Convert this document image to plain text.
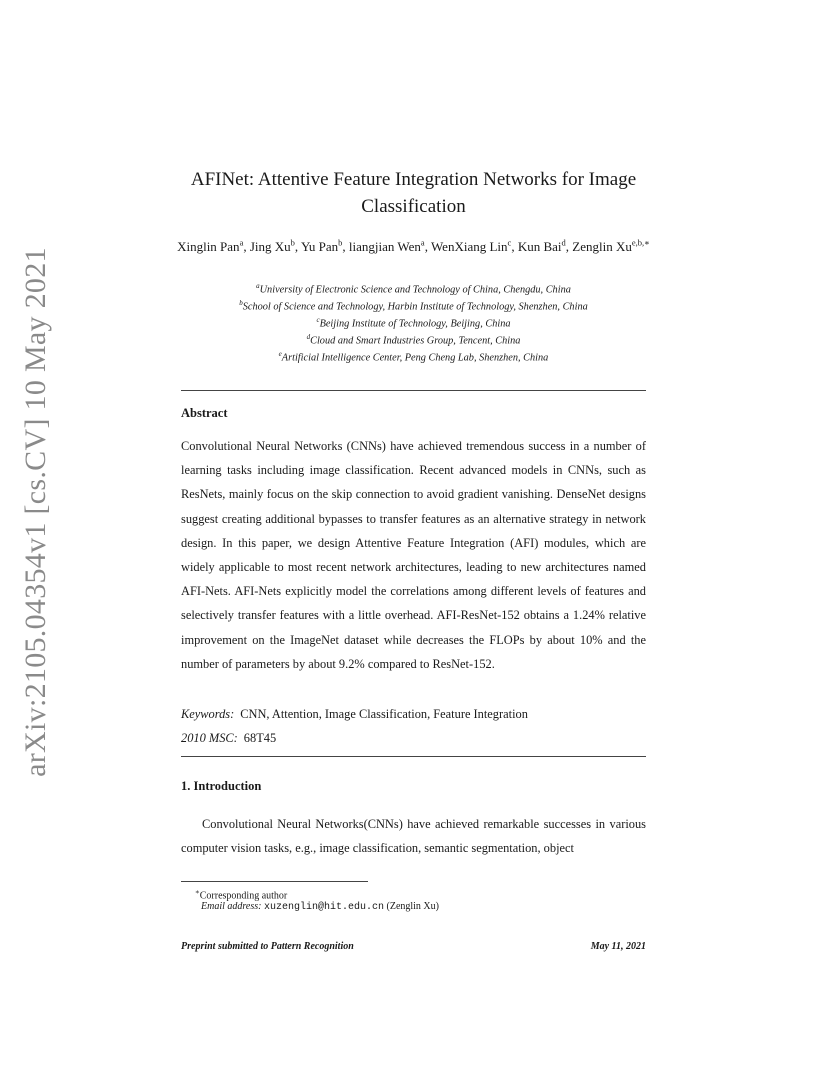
arXiv:2105.04354v1 [cs.CV] 10 May 2021
AFINet: Attentive Feature Integration Networks for Image Classification
Xinglin Pan$^a$, Jing Xu$^b$, Yu Pan$^b$, liangjian Wen$^a$, WenXiang Lin$^c$, Kun Bai$^d$, Zenglin $Xu^{e,b,∗}$
$^a$University of Electronic Science and Technology of China, Chengdu, China
$^b$School of Science and Technology, Harbin Institute of Technology, Shenzhen, China
$^c$Beijing Institute of Technology, Beijing, China
$^d$Cloud and Smart Industries Group, Tencent, China
$^e$Artificial Intelligence Center, Peng Cheng Lab, Shenzhen, China
Abstract
Convolutional Neural Networks (CNNs) have achieved tremendous success in a number of learning tasks including image classification. Recent advanced models in CNNs, such as ResNets, mainly focus on the skip connection to avoid gradient vanishing. DenseNet designs suggest creating additional bypasses to transfer features as an alternative strategy in network design. In this paper, we design Attentive Feature Integration (AFI) modules, which are widely applicable to most recent network architectures, leading to new architectures named AFI-Nets. AFI-Nets explicitly model the correlations among different levels of features and selectively transfer features with a little overhead. AFI-ResNet-152 obtains a 1.24% relative improvement on the ImageNet dataset while decreases the FLOPs by about 10% and the number of parameters by about 9.2% compared to ResNet-152.
Keywords: CNN, Attention, Image Classification, Feature Integration
2010 MSC: 68T45
1. Introduction
Convolutional Neural Networks(CNNs) have achieved remarkable successes in various computer vision tasks, e.g., image classification, semantic segmentation, object
∗Corresponding author
Email address: xuzenglin@hit.edu.cn (Zenglin Xu)
Preprint submitted to Pattern Recognition	May 11, 2021
